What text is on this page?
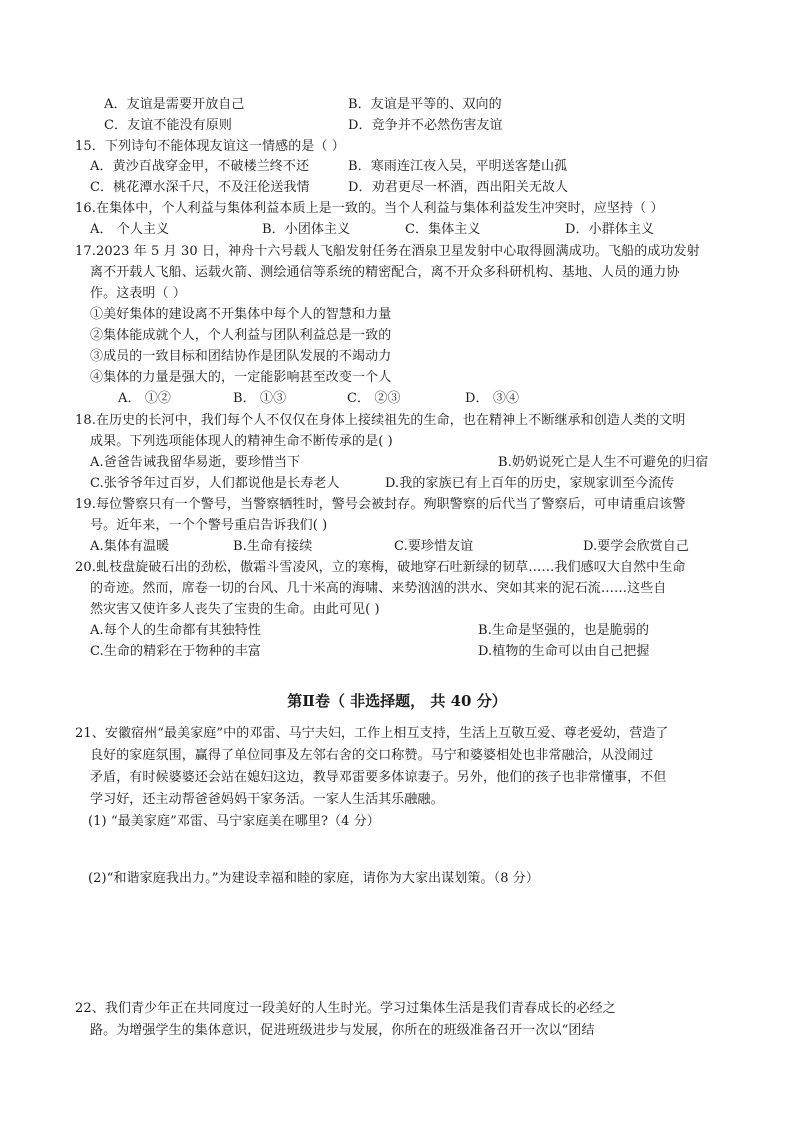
A．友谊是需要开放自己	B．友谊是平等的、双向的
C．友谊不能没有原则	D．竞争并不必然伤害友谊
15．下列诗句不能体现友谊这一情感的是（ ）
A．黄沙百战穿金甲，不破楼兰终不还	B．寒雨连江夜入吴，平明送客楚山孤
C．桃花潭水深千尺，不及汪伦送我情	D．劝君更尽一杯酒，西出阳关无故人
16.在集体中，个人利益与集体利益本质上是一致的。当个人利益与集体利益发生冲突时，应坚持（ ）
A． 个人主义	B．小团体主义	C．集体主义	D．小群体主义
17.2023 年 5 月 30 日，神舟十六号载人飞船发射任务在酒泉卫星发射中心取得圆满成功。飞船的成功发射
离不开载人飞船、运载火箭、测绘通信等系统的精密配合，离不开众多科研机构、基地、人员的通力协
作。这表明（ ）
①美好集体的建设离不开集体中每个人的智慧和力量
②集体能成就个人，个人利益与团队利益总是一致的
③成员的一致目标和团结协作是团队发展的不竭动力
④集体的力量是强大的，一定能影响甚至改变一个人
A． ①②	B． ①③	C． ②③	D． ③④
18.在历史的长河中，我们每个人不仅仅在身体上接续祖先的生命，也在精神上不断继承和创造人类的文明
成果。下列选项能体现人的精神生命不断传承的是( )
A.爸爸告诫我留华易逝，要珍惜当下	B.奶奶说死亡是人生不可避免的归宿
C.张爷爷年过百岁，人们都说他是长寿老人	D.我的家族已有上百年的历史，家规家训至今流传
19.每位警察只有一个警号，当警察牺牲时，警号会被封存。殉职警察的后代当了警察后，可申请重启该警
号。近年来，一个个警号重启告诉我们( )
A.集体有温暖	B.生命有接续	C.要珍惜友谊	D.要学会欣赏自己
20.虬枝盘旋破石出的劲松，傲霜斗雪凌风，立的寒梅，破地穿石吐新绿的韧草……我们感叹大自然中生命
的奇迹。然而，席卷一切的台风、几十米高的海啸、来势汹汹的洪水、突如其来的泥石流……这些自
然灾害又使许多人丧失了宝贵的生命。由此可见( )
A.每个人的生命都有其独特性	B.生命是坚强的，也是脆弱的
C.生命的精彩在于物种的丰富	D.植物的生命可以由自己把握
第Ⅱ卷（ 非选择题， 共 40 分）
21、安徽宿州“最美家庭”中的邓雷、马宁夫妇，工作上相互支持，生活上互敬互爱、尊老爱幼，营造了
良好的家庭氛围，赢得了单位同事及左邻右舍的交口称赞。马宁和婆婆相处也非常融洽，从没闹过
矛盾，有时候婆婆还会站在媳妇这边，教导邓雷要多体谅妻子。另外，他们的孩子也非常懂事，不但
学习好，还主动帮爸爸妈妈干家务活。一家人生活其乐融融。
(1) “最美家庭”邓雷、马宁家庭美在哪里?（4 分）
(2)“和谐家庭我出力。”为建设幸福和睦的家庭，请你为大家出谋划策。（8 分）
22、我们青少年正在共同度过一段美好的人生时光。学习过集体生活是我们青春成长的必经之
路。为增强学生的集体意识，促进班级进步与发展，你所在的班级准备召开一次以“团结
